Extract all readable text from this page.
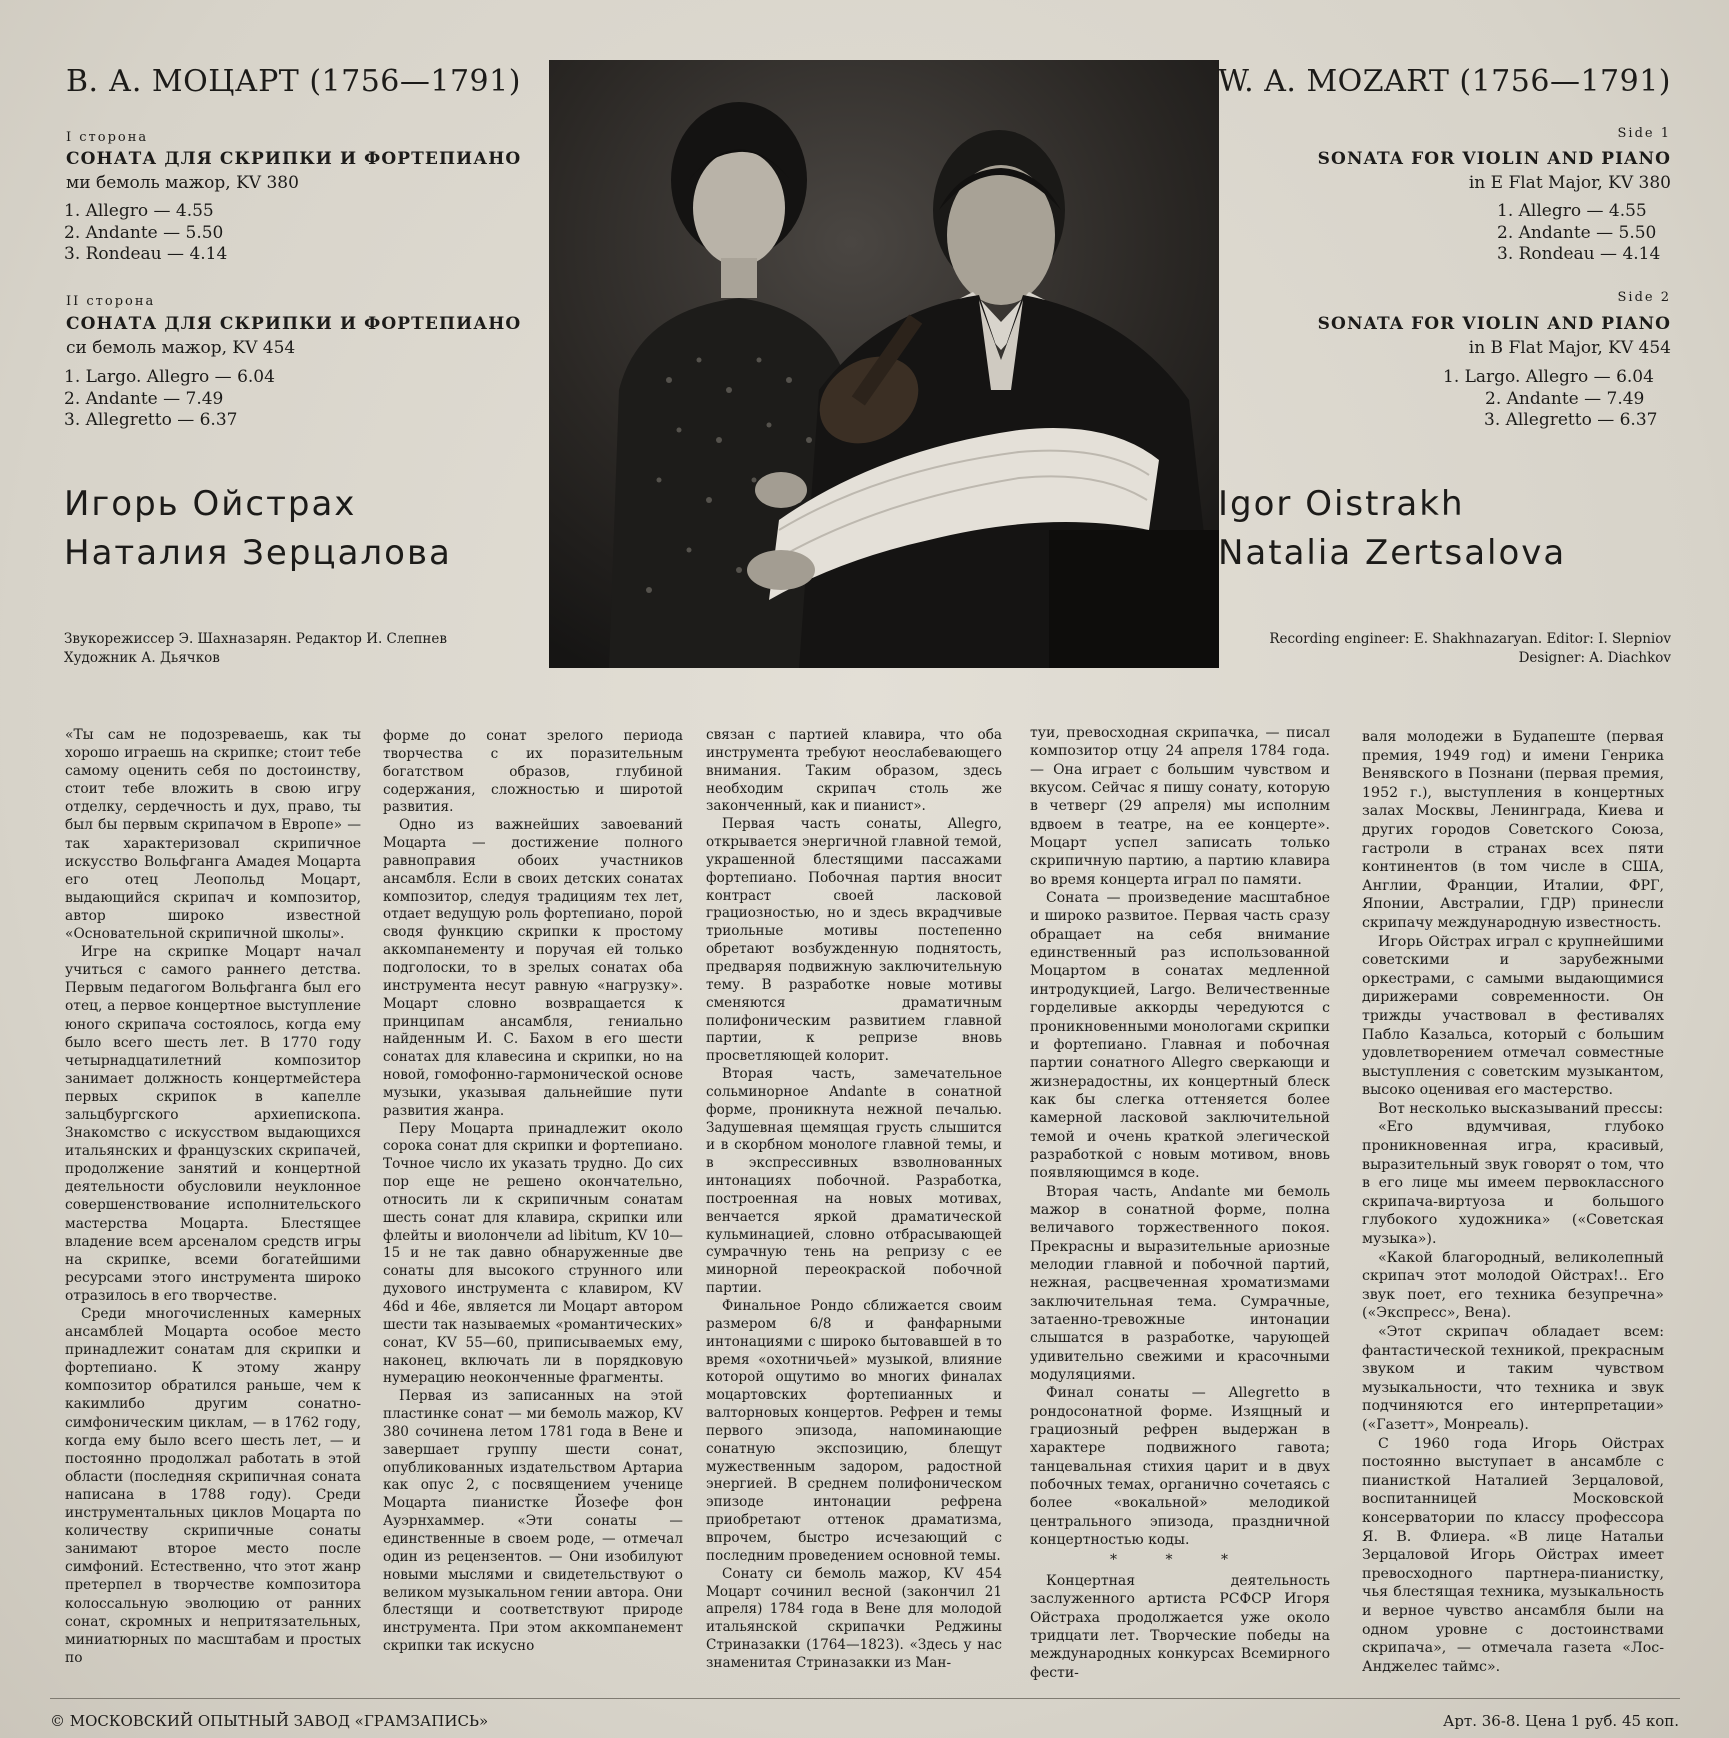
В. А. МОЦАРТ (1756—1791)
I сторона
СОНАТА ДЛЯ СКРИПКИ И ФОРТЕПИАНО
ми бемоль мажор, KV 380
1. Allegro — 4.55
2. Andante — 5.50
3. Rondeau — 4.14
II сторона
СОНАТА ДЛЯ СКРИПКИ И ФОРТЕПИАНО
си бемоль мажор, KV 454
1. Largo. Allegro — 6.04
2. Andante — 7.49
3. Allegretto — 6.37
Игорь Ойстрах
Наталия Зерцалова
Звукорежиссер Э. Шахназарян. Редактор И. Слепнев
Художник А. Дьячков
W. A. MOZART (1756—1791)
Side 1
SONATA FOR VIOLIN AND PIANO
in E Flat Major, KV 380
1. Allegro — 4.55
2. Andante — 5.50
3. Rondeau — 4.14
Side 2
SONATA FOR VIOLIN AND PIANO
in B Flat Major, KV 454
1. Largo. Allegro — 6.04
2. Andante — 7.49
3. Allegretto — 6.37
Igor Oistrakh
Natalia Zertsalova
Recording engineer: E. Shakhnazaryan. Editor: I. Slepniov
Designer: A. Diachkov

«Ты сам не подозреваешь, как ты хорошо играешь на скрипке; стоит тебе самому оценить себя по достоинству, стоит тебе вложить в свою игру отделку, сердечность и дух, право, ты был бы первым скрипачом в Европе» — так характеризовал скрипичное искусство Вольфганга Амадея Моцарта его отец Леопольд Моцарт, выдающийся скрипач и композитор, автор широко известной «Основательной скрипичной школы».

Игре на скрипке Моцарт начал учиться с самого раннего детства. Первым педагогом Вольфганга был его отец, а первое концертное выступление юного скрипача состоялось, когда ему было всего шесть лет. В 1770 году четырнадцатилетний композитор занимает должность концертмейстера первых скрипок в капелле зальцбургского архиепископа. Знакомство с искусством выдающихся итальянских и французских скрипачей, продолжение занятий и концертной деятельности обусловили неуклонное совершенствование исполнительского мастерства Моцарта. Блестящее владение всем арсеналом средств игры на скрипке, всеми богатейшими ресурсами этого инструмента широко отразилось в его творчестве.

Среди многочисленных камерных ансамблей Моцарта особое место принадлежит сонатам для скрипки и фортепиано. К этому жанру композитор обратился раньше, чем к какимлибо другим сонатно-симфоническим циклам, — в 1762 году, когда ему было всего шесть лет, — и постоянно продолжал работать в этой области (последняя скрипичная соната написана в 1788 году). Среди инструментальных циклов Моцарта по количеству скрипичные сонаты занимают второе место после симфоний. Естественно, что этот жанр претерпел в творчестве композитора колоссальную эволюцию от ранних сонат, скромных и непритязательных, миниатюрных по масштабам и простых по

форме до сонат зрелого периода творчества с их поразительным богатством образов, глубиной содержания, сложностью и широтой развития.

Одно из важнейших завоеваний Моцарта — достижение полного равноправия обоих участников ансамбля. Если в своих детских сонатах композитор, следуя традициям тех лет, отдает ведущую роль фортепиано, порой сводя функцию скрипки к простому аккомпанементу и поручая ей только подголоски, то в зрелых сонатах оба инструмента несут равную «нагрузку». Моцарт словно возвращается к принципам ансамбля, гениально найденным И. С. Бахом в его шести сонатах для клавесина и скрипки, но на новой, гомофонно-гармонической основе музыки, указывая дальнейшие пути развития жанра.

Перу Моцарта принадлежит около сорока сонат для скрипки и фортепиано. Точное число их указать трудно. До сих пор еще не решено окончательно, относить ли к скрипичным сонатам шесть сонат для клавира, скрипки или флейты и виолончели ad libitum, KV 10—15 и не так давно обнаруженные две сонаты для высокого струнного или духового инструмента с клавиром, KV 46d и 46e, является ли Моцарт автором шести так называемых «романтических» сонат, KV 55—60, приписываемых ему, наконец, включать ли в порядковую нумерацию неоконченные фрагменты.

Первая из записанных на этой пластинке сонат — ми бемоль мажор, KV 380 сочинена летом 1781 года в Вене и завершает группу шести сонат, опубликованных издательством Артариа как опус 2, с посвящением ученице Моцарта пианистке Йозефе фон Ауэрнхаммер. «Эти сонаты — единственные в своем роде, — отмечал один из рецензентов. — Они изобилуют новыми мыслями и свидетельствуют о великом музыкальном гении автора. Они блестящи и соответствуют природе инструмента. При этом аккомпанемент скрипки так искусно

связан с партией клавира, что оба инструмента требуют неослабевающего внимания. Таким образом, здесь необходим скрипач столь же законченный, как и пианист».

Первая часть сонаты, Allegro, открывается энергичной главной темой, украшенной блестящими пассажами фортепиано. Побочная партия вносит контраст своей ласковой грациозностью, но и здесь вкрадчивые триольные мотивы постепенно обретают возбужденную поднятость, предваряя подвижную заключительную тему. В разработке новые мотивы сменяются драматичным полифоническим развитием главной партии, к репризе вновь просветляющей колорит.

Вторая часть, замечательное сольминорное Andante в сонатной форме, проникнута нежной печалью. Задушевная щемящая грусть слышится и в скорбном монологе главной темы, и в экспрессивных взволнованных интонациях побочной. Разработка, построенная на новых мотивах, венчается яркой драматической кульминацией, словно отбрасывающей сумрачную тень на репризу с ее минорной переокраской побочной партии.

Финальное Рондо сближается своим размером 6/8 и фанфарными интонациями с широко бытовавшей в то время «охотничьей» музыкой, влияние которой ощутимо во многих финалах моцартовских фортепианных и валторновых концертов. Рефрен и темы первого эпизода, напоминающие сонатную экспозицию, блещут мужественным задором, радостной энергией. В среднем полифоническом эпизоде интонации рефрена приобретают оттенок драматизма, впрочем, быстро исчезающий с последним проведением основной темы.

Сонату си бемоль мажор, KV 454 Моцарт сочинил весной (закончил 21 апреля) 1784 года в Вене для молодой итальянской скрипачки Реджины Стриназакки (1764—1823). «Здесь у нас знаменитая Стриназакки из Ман-

туи, превосходная скрипачка, — писал композитор отцу 24 апреля 1784 года. — Она играет с большим чувством и вкусом. Сейчас я пишу сонату, которую в четверг (29 апреля) мы исполним вдвоем в театре, на ее концерте». Моцарт успел записать только скрипичную партию, а партию клавира во время концерта играл по памяти.

Соната — произведение масштабное и широко развитое. Первая часть сразу обращает на себя внимание единственный раз использованной Моцартом в сонатах медленной интродукцией, Largo. Величественные горделивые аккорды чередуются с проникновенными монологами скрипки и фортепиано. Главная и побочная партии сонатного Allegro сверкающи и жизнерадостны, их концертный блеск как бы слегка оттеняется более камерной ласковой заключительной темой и очень краткой элегической разработкой с новым мотивом, вновь появляющимся в коде.

Вторая часть, Andante ми бемоль мажор в сонатной форме, полна величавого торжественного покоя. Прекрасны и выразительные ариозные мелодии главной и побочной партий, нежная, расцвеченная хроматизмами заключительная тема. Сумрачные, затаенно-тревожные интонации слышатся в разработке, чарующей удивительно свежими и красочными модуляциями.

Финал сонаты — Allegretto в рондосонатной форме. Изящный и грациозный рефрен выдержан в характере подвижного гавота; танцевальная стихия царит и в двух побочных темах, органично сочетаясь с более «вокальной» мелодикой центрального эпизода, праздничной концертностью коды.

* * *

Концертная деятельность заслуженного артиста РСФСР Игоря Ойстраха продолжается уже около тридцати лет. Творческие победы на международных конкурсах Всемирного фести-

валя молодежи в Будапеште (первая премия, 1949 год) и имени Генрика Венявского в Познани (первая премия, 1952 г.), выступления в концертных залах Москвы, Ленинграда, Киева и других городов Советского Союза, гастроли в странах всех пяти континентов (в том числе в США, Англии, Франции, Италии, ФРГ, Японии, Австралии, ГДР) принесли скрипачу международную известность.

Игорь Ойстрах играл с крупнейшими советскими и зарубежными оркестрами, с самыми выдающимися дирижерами современности. Он трижды участвовал в фестивалях Пабло Казальса, который с большим удовлетворением отмечал совместные выступления с советским музыкантом, высоко оценивая его мастерство.

Вот несколько высказываний прессы:

«Его вдумчивая, глубоко проникновенная игра, красивый, выразительный звук говорят о том, что в его лице мы имеем первоклассного скрипача-виртуоза и большого глубокого художника» («Советская музыка»).

«Какой благородный, великолепный скрипач этот молодой Ойстрах!.. Его звук поет, его техника безупречна» («Экспресс», Вена).

«Этот скрипач обладает всем: фантастической техникой, прекрасным звуком и таким чувством музыкальности, что техника и звук подчиняются его интерпретации» («Газетт», Монреаль).

С 1960 года Игорь Ойстрах постоянно выступает в ансамбле с пианисткой Наталией Зерцаловой, воспитанницей Московской консерватории по классу профессора Я. В. Флиера. «В лице Натальи Зерцаловой Игорь Ойстрах имеет превосходного партнера-пианистку, чья блестящая техника, музыкальность и верное чувство ансамбля были на одном уровне с достоинствами скрипача», — отмечала газета «Лос-Анджелес таймс».

© МОСКОВСКИЙ ОПЫТНЫЙ ЗАВОД «ГРАМЗАПИСЬ»	Арт. 36-8. Цена 1 руб. 45 коп.
